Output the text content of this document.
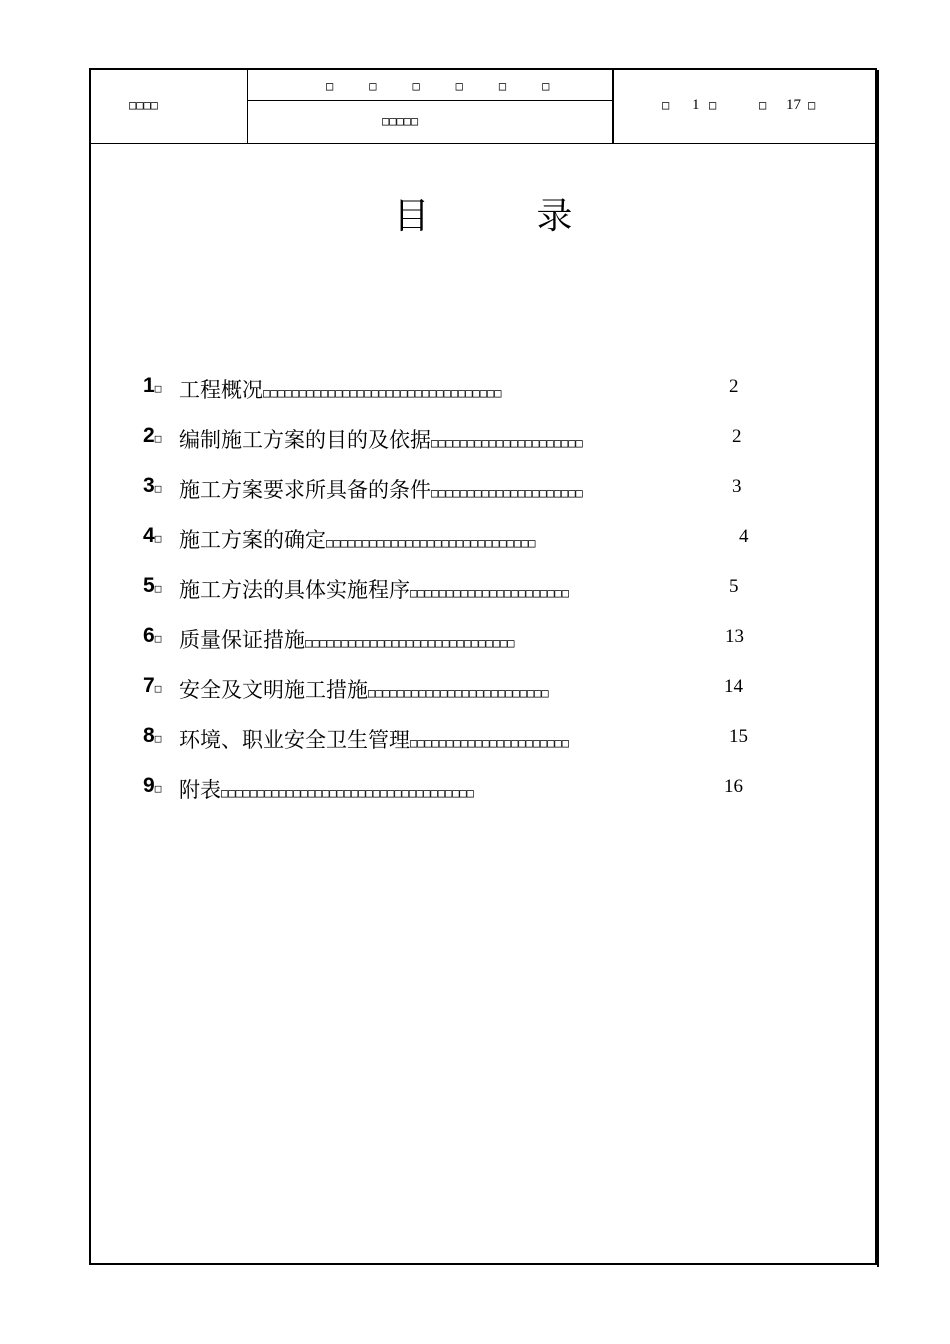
□□□□
□　□　□　□　□　□
□□□□□
□ 1 □	□ 17 □
目	录
1□ 工程概况□□□□□□□□□□□□□□□□□□□□□□□□□□□□□□□□□	2
2□ 编制施工方案的目的及依据□□□□□□□□□□□□□□□□□□□□□	2
3□ 施工方案要求所具备的条件□□□□□□□□□□□□□□□□□□□□□	3
4□ 施工方案的确定□□□□□□□□□□□□□□□□□□□□□□□□□□□□□	4
5□ 施工方法的具体实施程序□□□□□□□□□□□□□□□□□□□□□□	5
6□ 质量保证措施□□□□□□□□□□□□□□□□□□□□□□□□□□□□□	13
7□ 安全及文明施工措施□□□□□□□□□□□□□□□□□□□□□□□□□	14
8□ 环境、职业安全卫生管理□□□□□□□□□□□□□□□□□□□□□□	15
9□ 附表□□□□□□□□□□□□□□□□□□□□□□□□□□□□□□□□□□□	16
